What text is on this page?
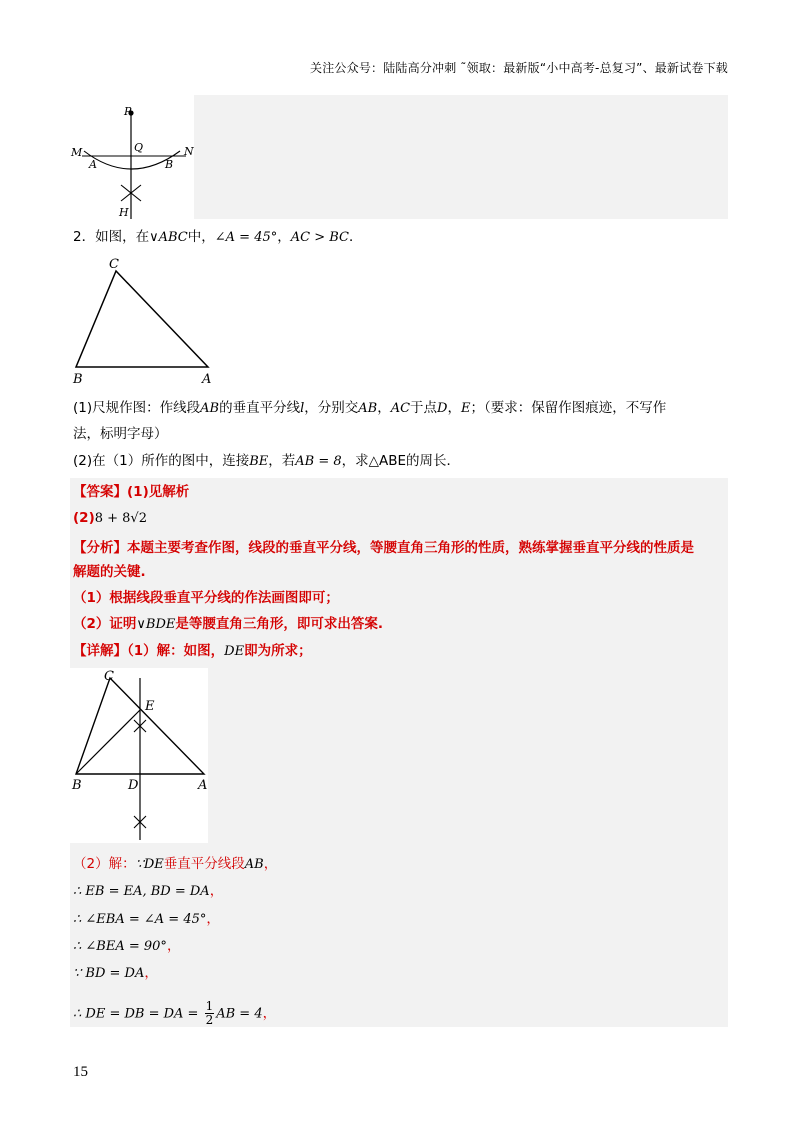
关注公众号：陆陆高分冲刺 ˜领取：最新版“小中高考-总复习”、最新试卷下载
P
M	Q	N
A	B
H
2．如图，在∨ABC中，∠A = 45°，AC > BC．
C
B	A
(1)尺规作图：作线段AB的垂直平分线l，分别交AB，AC于点D，E；（要求：保留作图痕迹，不写作
法，标明字母）
(2)在（1）所作的图中，连接BE，若AB = 8，求△ABE的周长．
【答案】(1)见解析
(2)8 + 8√2
【分析】本题主要考查作图，线段的垂直平分线，等腰直角三角形的性质，熟练掌握垂直平分线的性质是
解题的关键.
（1）根据线段垂直平分线的作法画图即可；
（2）证明∨BDE是等腰直角三角形，即可求出答案.
【详解】（1）解：如图，DE即为所求；
C
E
B	D	A
（2）解：∵DE垂直平分线段AB，
∴ EB = EA, BD = DA，
∴ ∠EBA = ∠A = 45°，
∴ ∠BEA = 90°，
∵ BD = DA，
∴ DE = DB = DA = $\frac{1}{2}$ AB = 4，
15
